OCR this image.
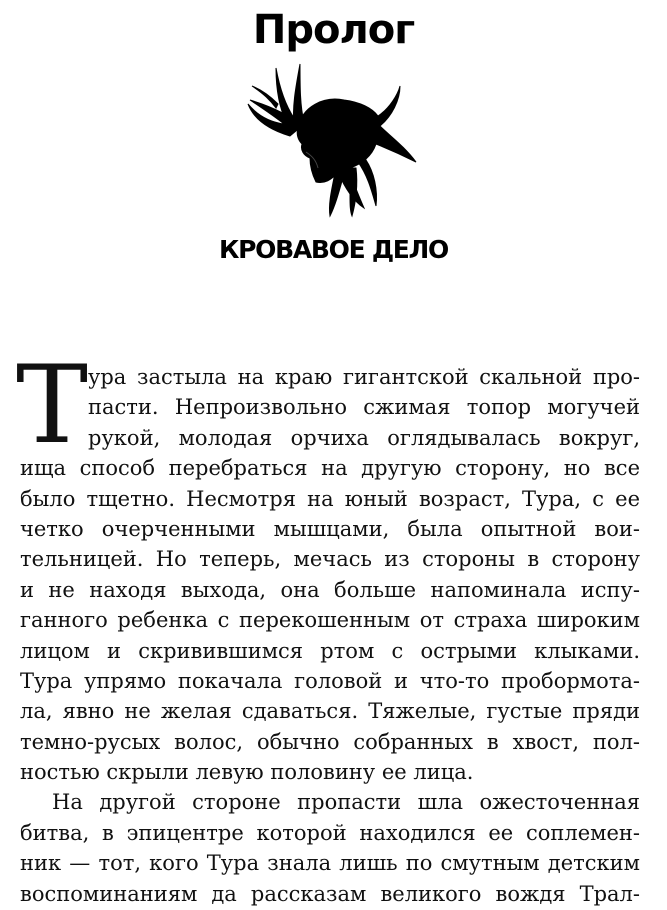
Пролог
КРОВАВОЕ ДЕЛО
Т ура застыла на краю гигантской скальной про-
пасти. Непроизвольно сжимая топор могучей
рукой, молодая орчиха оглядывалась вокруг,
ища способ перебраться на другую сторону, но все
было тщетно. Несмотря на юный возраст, Тура, с ее
четко очерченными мышцами, была опытной вои-
тельницей. Но теперь, мечась из стороны в сторону
и не находя выхода, она больше напоминала испу-
ганного ребенка с перекошенным от страха широким
лицом и скривившимся ртом с острыми клыками.
Тура упрямо покачала головой и что-то пробормота-
ла, явно не желая сдаваться. Тяжелые, густые пряди
темно-русых волос, обычно собранных в хвост, пол-
ностью скрыли левую половину ее лица.
На другой стороне пропасти шла ожесточенная
битва, в эпицентре которой находился ее соплемен-
ник — тот, кого Тура знала лишь по смутным детским
воспоминаниям да рассказам великого вождя Трал-
